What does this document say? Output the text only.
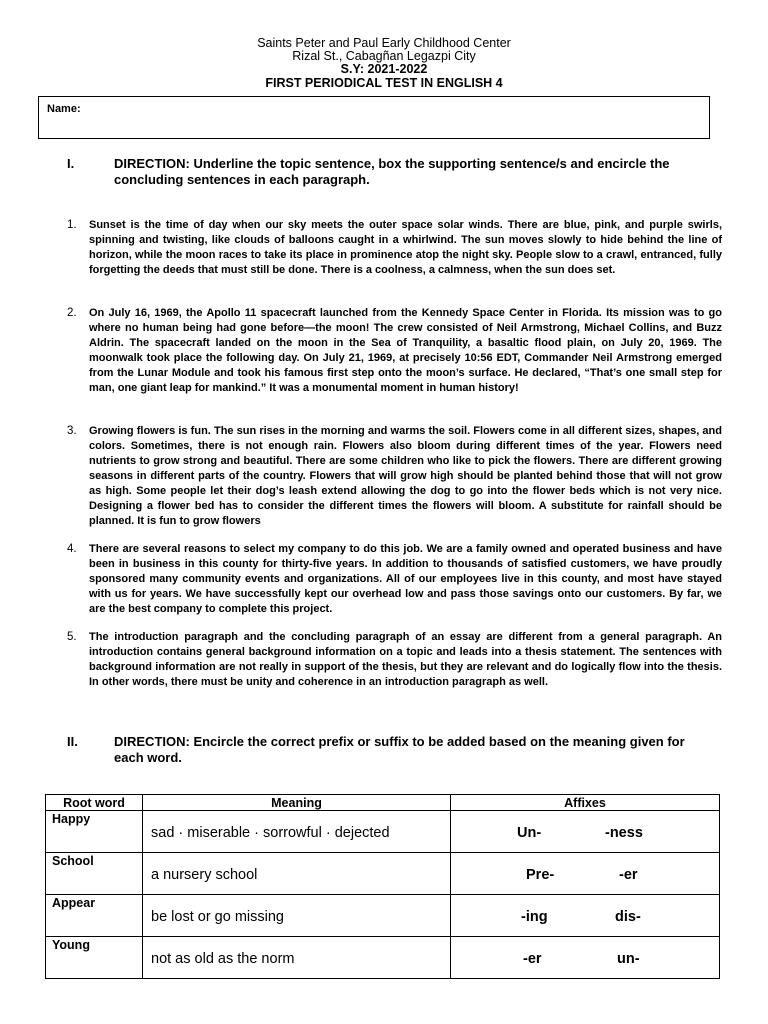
Saints Peter and Paul Early Childhood Center
Rizal St., Cabagñan Legazpi City
S.Y: 2021-2022
FIRST PERIODICAL TEST IN ENGLISH 4
Name:
I.	DIRECTION: Underline the topic sentence, box the supporting sentence/s and encircle the concluding sentences in each paragraph.
1. Sunset is the time of day when our sky meets the outer space solar winds. There are blue, pink, and purple swirls, spinning and twisting, like clouds of balloons caught in a whirlwind. The sun moves slowly to hide behind the line of horizon, while the moon races to take its place in prominence atop the night sky. People slow to a crawl, entranced, fully forgetting the deeds that must still be done. There is a coolness, a calmness, when the sun does set.
2. On July 16, 1969, the Apollo 11 spacecraft launched from the Kennedy Space Center in Florida. Its mission was to go where no human being had gone before—the moon! The crew consisted of Neil Armstrong, Michael Collins, and Buzz Aldrin. The spacecraft landed on the moon in the Sea of Tranquility, a basaltic flood plain, on July 20, 1969. The moonwalk took place the following day. On July 21, 1969, at precisely 10:56 EDT, Commander Neil Armstrong emerged from the Lunar Module and took his famous first step onto the moon’s surface. He declared, “That’s one small step for man, one giant leap for mankind.” It was a monumental moment in human history!
3. Growing flowers is fun. The sun rises in the morning and warms the soil. Flowers come in all different sizes, shapes, and colors. Sometimes, there is not enough rain. Flowers also bloom during different times of the year. Flowers need nutrients to grow strong and beautiful. There are some children who like to pick the flowers. There are different growing seasons in different parts of the country. Flowers that will grow high should be planted behind those that will not grow as high. Some people let their dog’s leash extend allowing the dog to go into the flower beds which is not very nice. Designing a flower bed has to consider the different times the flowers will bloom. A substitute for rainfall should be planned. It is fun to grow flowers
4. There are several reasons to select my company to do this job. We are a family owned and operated business and have been in business in this county for thirty-five years. In addition to thousands of satisfied customers, we have proudly sponsored many community events and organizations. All of our employees live in this county, and most have stayed with us for years. We have successfully kept our overhead low and pass those savings onto our customers. By far, we are the best company to complete this project.
5. The introduction paragraph and the concluding paragraph of an essay are different from a general paragraph. An introduction contains general background information on a topic and leads into a thesis statement. The sentences with background information are not really in support of the thesis, but they are relevant and do logically flow into the thesis. In other words, there must be unity and coherence in an introduction paragraph as well.
II.	DIRECTION: Encircle the correct prefix or suffix to be added based on the meaning given for each word.
Root word	Meaning	Affixes

Happy	sad · miserable · sorrowful · dejected	Un- -ness

School	a nursery school	Pre- -er

Appear	be lost or go missing	-ing dis-

Young	not as old as the norm	-er un-
